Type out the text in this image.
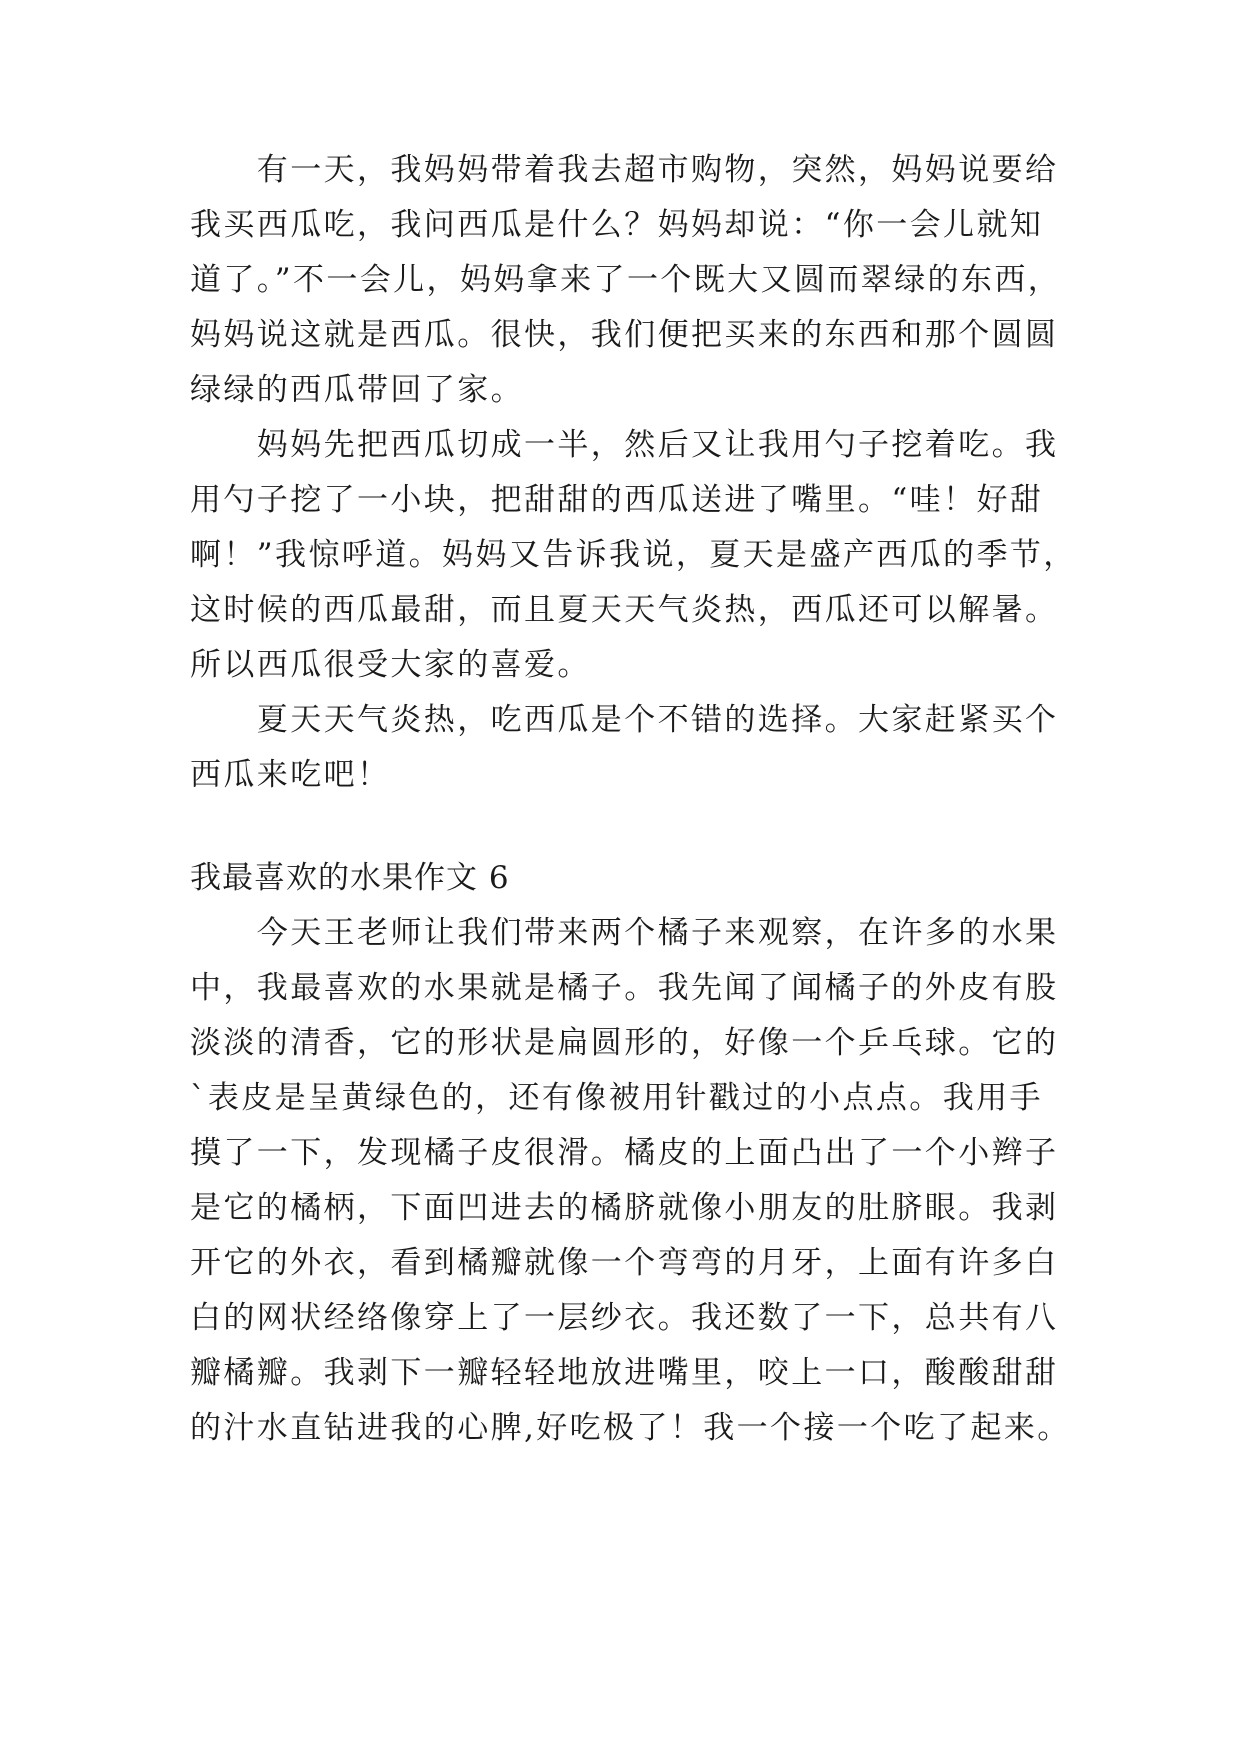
　　有一天，我妈妈带着我去超市购物，突然，妈妈说要给
我买西瓜吃，我问西瓜是什么？妈妈却说：“你一会儿就知
道了。”不一会儿，妈妈拿来了一个既大又圆而翠绿的东西，
妈妈说这就是西瓜。很快，我们便把买来的东西和那个圆圆
绿绿的西瓜带回了家。
　　妈妈先把西瓜切成一半，然后又让我用勺子挖着吃。我
用勺子挖了一小块，把甜甜的西瓜送进了嘴里。“哇！好甜
啊！”我惊呼道。妈妈又告诉我说，夏天是盛产西瓜的季节，
这时候的西瓜最甜，而且夏天天气炎热，西瓜还可以解暑。
所以西瓜很受大家的喜爱。
　　夏天天气炎热，吃西瓜是个不错的选择。大家赶紧买个
西瓜来吃吧！
我最喜欢的水果作文 6
　　今天王老师让我们带来两个橘子来观察，在许多的水果
中，我最喜欢的水果就是橘子。我先闻了闻橘子的外皮有股
淡淡的清香，它的形状是扁圆形的，好像一个乒乓球。它的
`表皮是呈黄绿色的，还有像被用针戳过的小点点。我用手
摸了一下，发现橘子皮很滑。橘皮的上面凸出了一个小辫子
是它的橘柄，下面凹进去的橘脐就像小朋友的肚脐眼。我剥
开它的外衣，看到橘瓣就像一个弯弯的月牙，上面有许多白
白的网状经络像穿上了一层纱衣。我还数了一下，总共有八
瓣橘瓣。我剥下一瓣轻轻地放进嘴里，咬上一口，酸酸甜甜
的汁水直钻进我的心脾,好吃极了！我一个接一个吃了起来。
